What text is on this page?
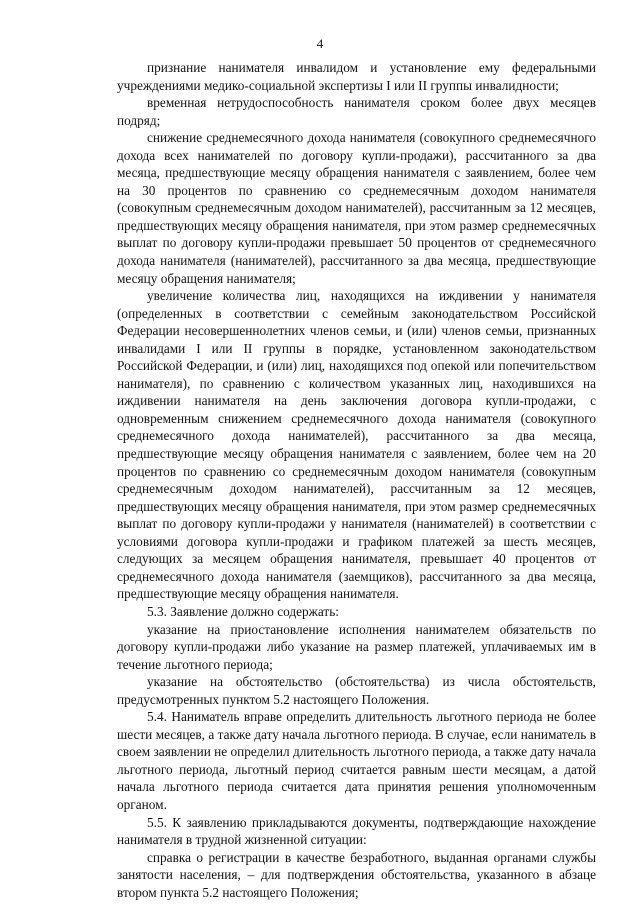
4

признание нанимателя инвалидом и установление ему федеральными учреждениями медико-социальной экспертизы I или II группы инвалидности;

временная нетрудоспособность нанимателя сроком более двух месяцев подряд;

снижение среднемесячного дохода нанимателя (совокупного среднемесячного дохода всех нанимателей по договору купли-продажи), рассчитанного за два месяца, предшествующие месяцу обращения нанимателя с заявлением, более чем на 30 процентов по сравнению со среднемесячным доходом нанимателя (совокупным среднемесячным доходом нанимателей), рассчитанным за 12 месяцев, предшествующих месяцу обращения нанимателя, при этом размер среднемесячных выплат по договору купли-продажи превышает 50 процентов от среднемесячного дохода нанимателя (нанимателей), рассчитанного за два месяца, предшествующие месяцу обращения нанимателя;

увеличение количества лиц, находящихся на иждивении у нанимателя (определенных в соответствии с семейным законодательством Российской Федерации несовершеннолетних членов семьи, и (или) членов семьи, признанных инвалидами I или II группы в порядке, установленном законодательством Российской Федерации, и (или) лиц, находящихся под опекой или попечительством нанимателя), по сравнению с количеством указанных лиц, находившихся на иждивении нанимателя на день заключения договора купли-продажи, с одновременным снижением среднемесячного дохода нанимателя (совокупного среднемесячного дохода нанимателей), рассчитанного за два месяца, предшествующие месяцу обращения нанимателя с заявлением, более чем на 20 процентов по сравнению со среднемесячным доходом нанимателя (совокупным среднемесячным доходом нанимателей), рассчитанным за 12 месяцев, предшествующих месяцу обращения нанимателя, при этом размер среднемесячных выплат по договору купли-продажи у нанимателя (нанимателей) в соответствии с условиями договора купли-продажи и графиком платежей за шесть месяцев, следующих за месяцем обращения нанимателя, превышает 40 процентов от среднемесячного дохода нанимателя (заемщиков), рассчитанного за два месяца, предшествующие месяцу обращения нанимателя.

5.3. Заявление должно содержать:

указание на приостановление исполнения нанимателем обязательств по договору купли-продажи либо указание на размер платежей, уплачиваемых им в течение льготного периода;

указание на обстоятельство (обстоятельства) из числа обстоятельств, предусмотренных пунктом 5.2 настоящего Положения.

5.4. Наниматель вправе определить длительность льготного периода не более шести месяцев, а также дату начала льготного периода. В случае, если наниматель в своем заявлении не определил длительность льготного периода, а также дату начала льготного периода, льготный период считается равным шести месяцам, а датой начала льготного периода считается дата принятия решения уполномоченным органом.

5.5. К заявлению прикладываются документы, подтверждающие нахождение нанимателя в трудной жизненной ситуации:

справка о регистрации в качестве безработного, выданная органами службы занятости населения, – для подтверждения обстоятельства, указанного в абзаце втором пункта 5.2 настоящего Положения;
